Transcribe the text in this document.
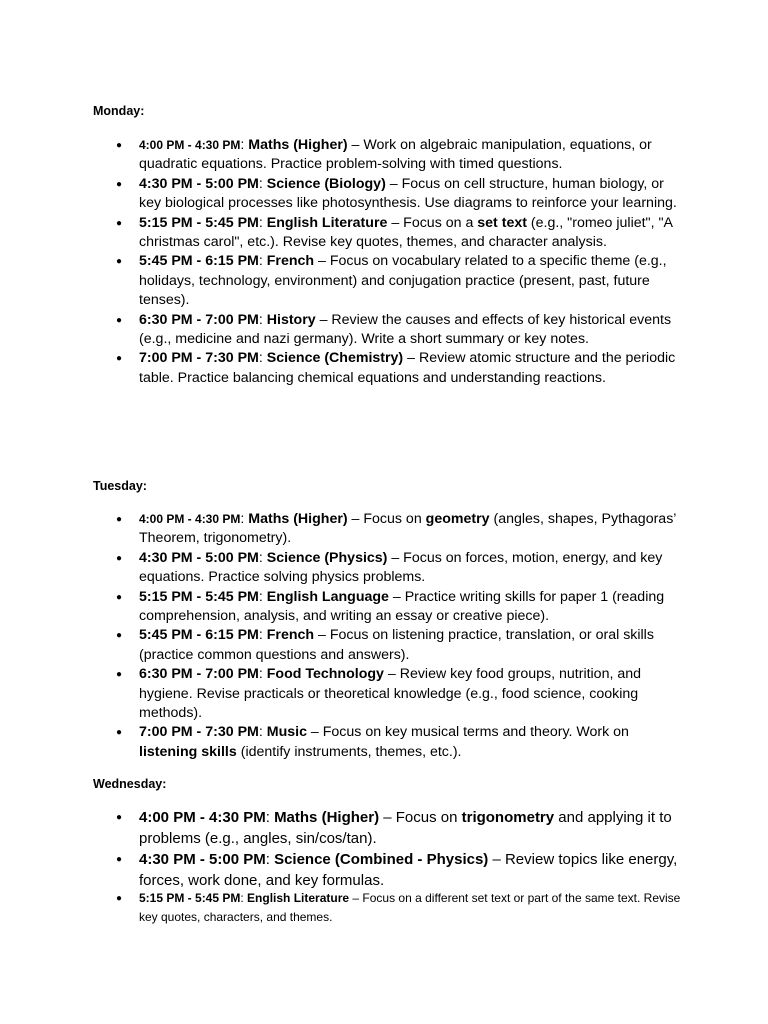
Monday:

● 4:00 PM - 4:30 PM: Maths (Higher) – Work on algebraic manipulation, equations, or quadratic equations. Practice problem-solving with timed questions.
● 4:30 PM - 5:00 PM: Science (Biology) – Focus on cell structure, human biology, or key biological processes like photosynthesis. Use diagrams to reinforce your learning.
● 5:15 PM - 5:45 PM: English Literature – Focus on a set text (e.g., "romeo juliet", "A christmas carol", etc.). Revise key quotes, themes, and character analysis.
● 5:45 PM - 6:15 PM: French – Focus on vocabulary related to a specific theme (e.g., holidays, technology, environment) and conjugation practice (present, past, future tenses).
● 6:30 PM - 7:00 PM: History – Review the causes and effects of key historical events (e.g., medicine and nazi germany). Write a short summary or key notes.
● 7:00 PM - 7:30 PM: Science (Chemistry) – Review atomic structure and the periodic table. Practice balancing chemical equations and understanding reactions.

Tuesday:

● 4:00 PM - 4:30 PM: Maths (Higher) – Focus on geometry (angles, shapes, Pythagoras’ Theorem, trigonometry).
● 4:30 PM - 5:00 PM: Science (Physics) – Focus on forces, motion, energy, and key equations. Practice solving physics problems.
● 5:15 PM - 5:45 PM: English Language – Practice writing skills for paper 1 (reading comprehension, analysis, and writing an essay or creative piece).
● 5:45 PM - 6:15 PM: French – Focus on listening practice, translation, or oral skills (practice common questions and answers).
● 6:30 PM - 7:00 PM: Food Technology – Review key food groups, nutrition, and hygiene. Revise practicals or theoretical knowledge (e.g., food science, cooking methods).
● 7:00 PM - 7:30 PM: Music – Focus on key musical terms and theory. Work on listening skills (identify instruments, themes, etc.).

Wednesday:

● 4:00 PM - 4:30 PM: Maths (Higher) – Focus on trigonometry and applying it to problems (e.g., angles, sin/cos/tan).
● 4:30 PM - 5:00 PM: Science (Combined - Physics) – Review topics like energy, forces, work done, and key formulas.
● 5:15 PM - 5:45 PM: English Literature – Focus on a different set text or part of the same text. Revise key quotes, characters, and themes.
